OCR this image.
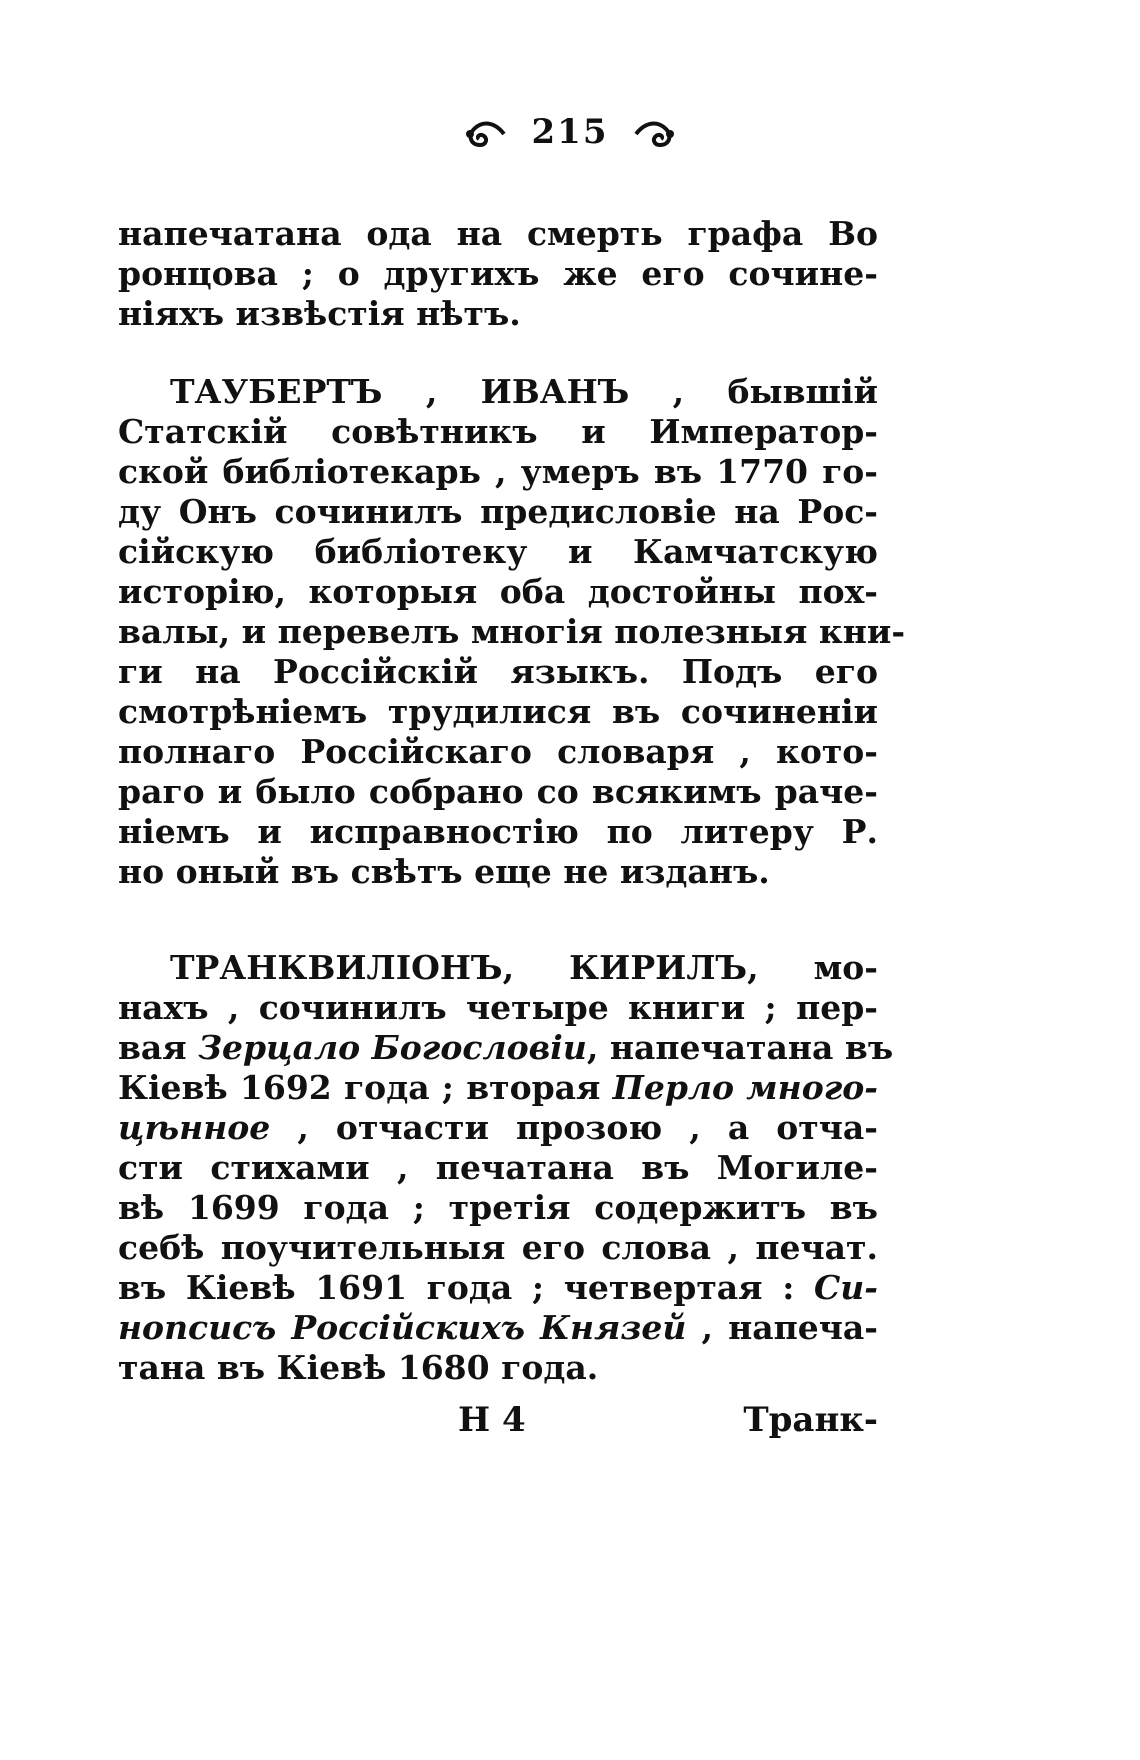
215
напечатана ода на смерть графа Во
ронцова ; о другихъ же его сочине-
нiяхъ извѣстiя нѣтъ.
ТАУБЕРТЪ , ИВАНЪ , бывшiй
Статскiй совѣтникъ и Император-
скoй библiотекарь , умеръ въ 1770 го-
ду Онъ сочинилъ предисловiе на Рос-
сiйскую библiотеку и Камчатскую
исторiю, которыя оба достойны пох-
валы, и перевелъ многiя полезныя кни-
ги на Россiйскiй языкъ. Подъ его
смотрѣнiемъ трудилися въ сочиненiи
полнаго Россiйскаго словаря , кото-
раго и было собрано со всякимъ раче-
нiемъ и исправностiю по литеру Р.
но оный въ свѣтъ еще не изданъ.
ТРАНКВИЛIОНЪ, КИРИЛЪ, мо-
нахъ , сочинилъ четыре книги ; пер-
вая Зерцало Богословiи, напечатана въ
Кiевѣ 1692 года ; вторая Перло много-
цѣнное , отчасти прозою , а отча-
сти стихами , печатана въ Могиле-
вѣ 1699 года ; третiя содержитъ въ
себѣ поучительныя его слова , печат.
въ Кiевѣ 1691 года ; четвертая : Си-
нопсисъ Россiйскихъ Князей , напеча-
тана въ Кiевѣ 1680 года.
Н 4	Транк-
